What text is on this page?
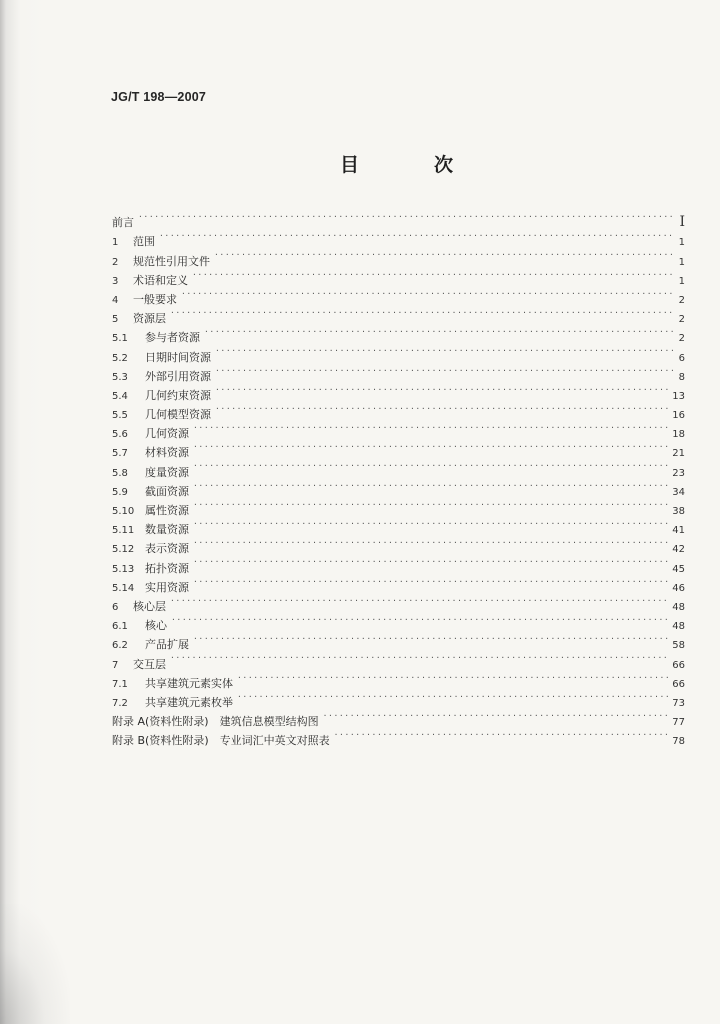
JG/T 198—2007
目　次
前言 ·····	Ⅰ
1	范围 ·····	1
2	规范性引用文件 ·····	1
3	术语和定义 ·····	1
4	一般要求 ·····	2
5	资源层 ·····	2
5.1	参与者资源 ·····	2
5.2	日期时间资源 ·····	6
5.3	外部引用资源 ·····	8
5.4	几何约束资源 ·····	13
5.5	几何模型资源 ·····	16
5.6	几何资源 ·····	18
5.7	材料资源 ·····	21
5.8	度量资源 ·····	23
5.9	截面资源 ·····	34
5.10 属性资源 ·····	38
5.11 数量资源 ·····	41
5.12 表示资源 ·····	42
5.13 拓扑资源 ·····	45
5.14 实用资源 ·····	46
6	核心层 ·····	48
6.1	核心 ·····	48
6.2	产品扩展 ·····	58
7	交互层 ·····	66
7.1	共享建筑元素实体 ·····	66
7.2	共享建筑元素枚举 ·····	73
附录 A(资料性附录)　建筑信息模型结构图 ·····	77
附录 B(资料性附录)　专业词汇中英文对照表 ·····	78
